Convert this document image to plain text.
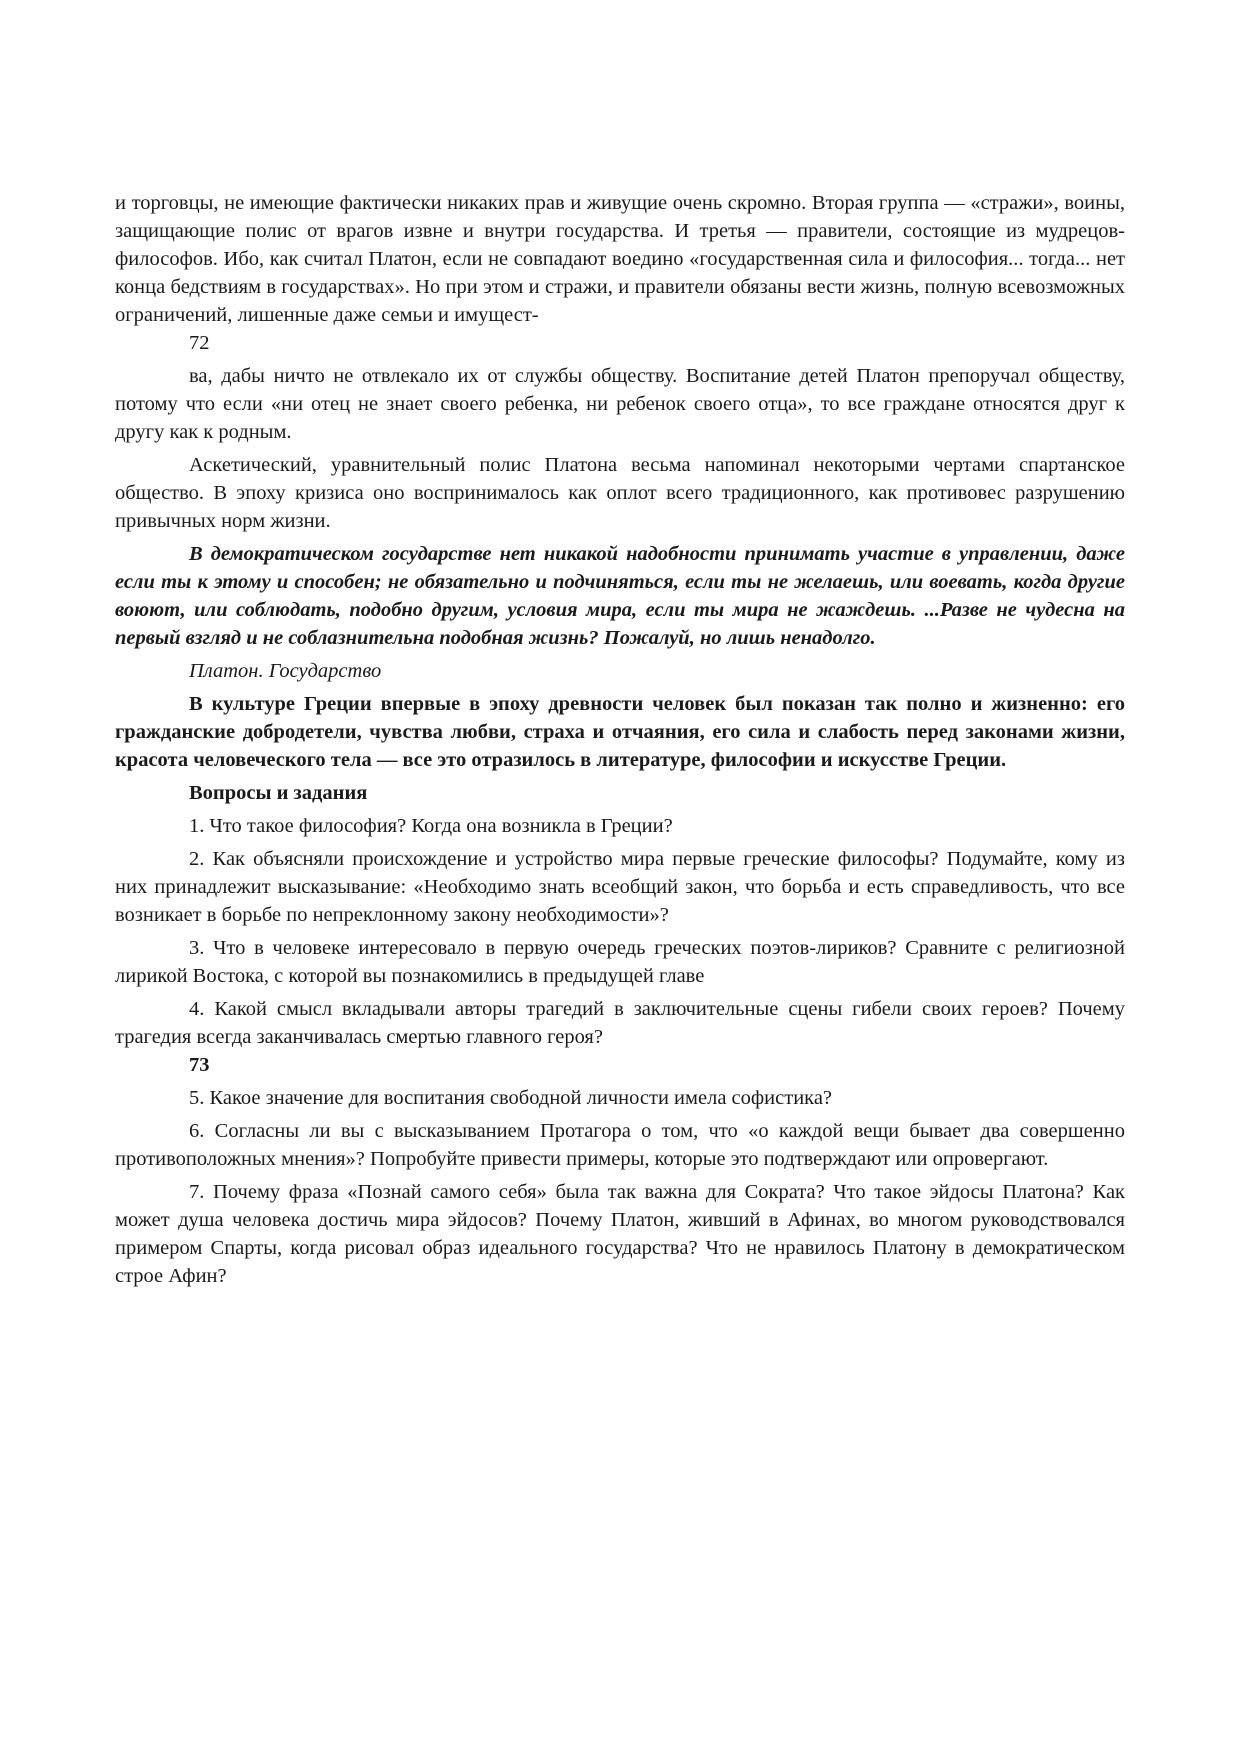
и торговцы, не имеющие фактически никаких прав и живущие очень скромно. Вторая группа — «стражи», воины, защищающие полис от врагов извне и внутри государства. И третья — правители, состоящие из мудрецов-философов. Ибо, как считал Платон, если не совпадают воедино «государственная сила и философия... тогда... нет конца бедствиям в государствах». Но при этом и стражи, и правители обязаны вести жизнь, полную всевозможных ограничений, лишенные даже семьи и имущест-

72

ва, дабы ничто не отвлекало их от службы обществу. Воспитание детей Платон препоручал обществу, потому что если «ни отец не знает своего ребенка, ни ребенок своего отца», то все граждане относятся друг к другу как к родным.

Аскетический, уравнительный полис Платона весьма напоминал некоторыми чертами спартанское общество. В эпоху кризиса оно воспринималось как оплот всего традиционного, как противовес разрушению привычных норм жизни.

В демократическом государстве нет никакой надобности принимать участие в управлении, даже если ты к этому и способен; не обязательно и подчиняться, если ты не желаешь, или воевать, когда другие воюют, или соблюдать, подобно другим, условия мира, если ты мира не жаждешь. ...Разве не чудесна на первый взгляд и не соблазнительна подобная жизнь? Пожалуй, но лишь ненадолго.

Платон. Государство

В культуре Греции впервые в эпоху древности человек был показан так полно и жизненно: его гражданские добродетели, чувства любви, страха и отчаяния, его сила и слабость перед законами жизни, красота человеческого тела — все это отразилось в литературе, философии и искусстве Греции.

Вопросы и задания

1. Что такое философия? Когда она возникла в Греции?

2. Как объясняли происхождение и устройство мира первые греческие философы? Подумайте, кому из них принадлежит высказывание: «Необходимо знать всеобщий закон, что борьба и есть справедливость, что все возникает в борьбе по непреклонному закону необходимости»?

3. Что в человеке интересовало в первую очередь греческих поэтов-лириков? Сравните с религиозной лирикой Востока, с которой вы познакомились в предыдущей главе

4. Какой смысл вкладывали авторы трагедий в заключительные сцены гибели своих героев? Почему трагедия всегда заканчивалась смертью главного героя?

73

5. Какое значение для воспитания свободной личности имела софистика?

6. Согласны ли вы с высказыванием Протагора о том, что «о каждой вещи бывает два совершенно противоположных мнения»? Попробуйте привести примеры, которые это подтверждают или опровергают.

7. Почему фраза «Познай самого себя» была так важна для Сократа? Что такое эйдосы Платона? Как может душа человека достичь мира эйдосов? Почему Платон, живший в Афинах, во многом руководствовался примером Спарты, когда рисовал образ идеального государства? Что не нравилось Платону в демократическом строе Афин?
